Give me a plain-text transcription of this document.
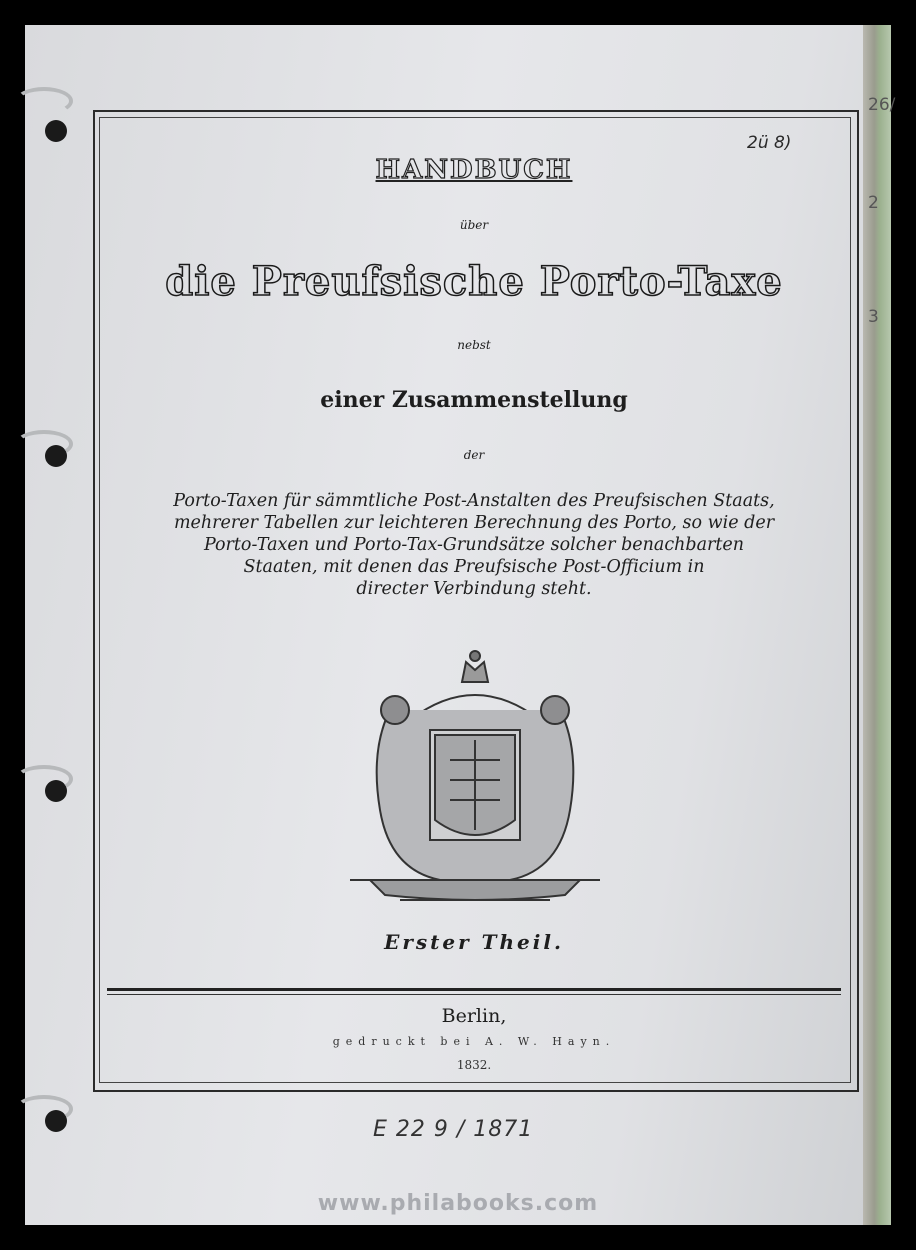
26/
2
3
2ü 8)
HANDBUCH
über
die Preufsische Porto-Taxe
nebst
einer Zusammenstellung
der
Porto-Taxen für sämmtliche Post-Anstalten des Preufsischen Staats,
mehrerer Tabellen zur leichteren Berechnung des Porto, so wie der
Porto-Taxen und Porto-Tax-Grundsätze solcher benachbarten
Staaten, mit denen das Preufsische Post-Officium in
directer Verbindung steht.
Erster Theil.
Berlin,
gedruckt bei A. W. Hayn.
1832.
E 22 9 / 1871
www.philabooks.com
